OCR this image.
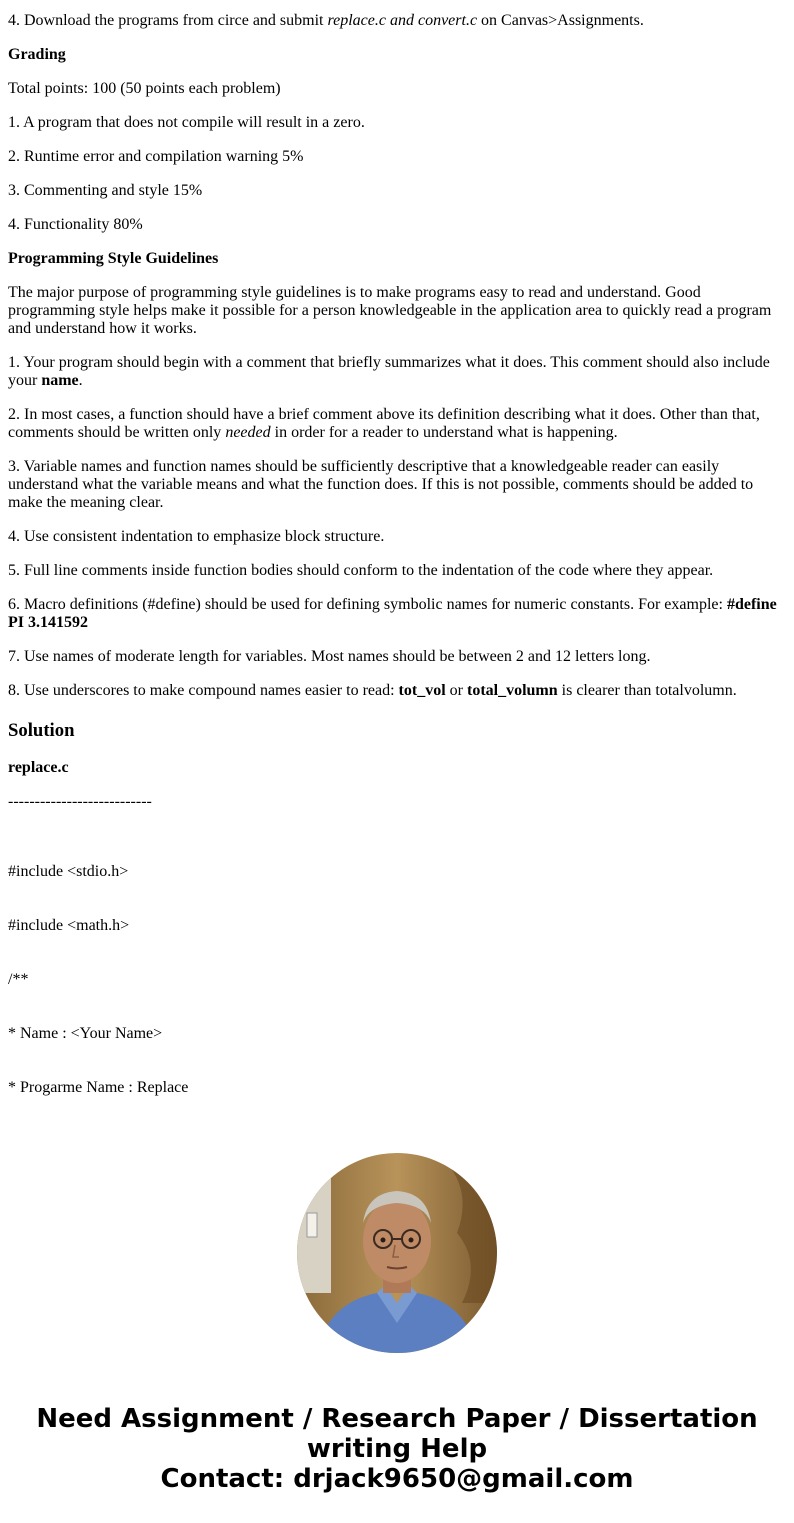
4. Download the programs from circe and submit replace.c and convert.c on Canvas>Assignments.

Grading

Total points: 100 (50 points each problem)

1. A program that does not compile will result in a zero.

2. Runtime error and compilation warning 5%

3. Commenting and style 15%

4. Functionality 80%

Programming Style Guidelines

The major purpose of programming style guidelines is to make programs easy to read and understand. Good programming style helps make it possible for a person knowledgeable in the application area to quickly read a program and understand how it works.

1. Your program should begin with a comment that briefly summarizes what it does. This comment should also include your name.

2. In most cases, a function should have a brief comment above its definition describing what it does. Other than that, comments should be written only needed in order for a reader to understand what is happening.

3. Variable names and function names should be sufficiently descriptive that a knowledgeable reader can easily understand what the variable means and what the function does. If this is not possible, comments should be added to make the meaning clear.

4. Use consistent indentation to emphasize block structure.

5. Full line comments inside function bodies should conform to the indentation of the code where they appear.

6. Macro definitions (#define) should be used for defining symbolic names for numeric constants. For example: #define PI 3.141592

7. Use names of moderate length for variables. Most names should be between 2 and 12 letters long.

8. Use underscores to make compound names easier to read: tot_vol or total_volumn is clearer than totalvolumn.

Solution

replace.c

---------------------------

#include <stdio.h>

#include <math.h>

/**

* Name : <Your Name>

* Progarme Name : Replace

Need Assignment / Research Paper / Dissertation
writing Help
Contact: drjack9650@gmail.com
